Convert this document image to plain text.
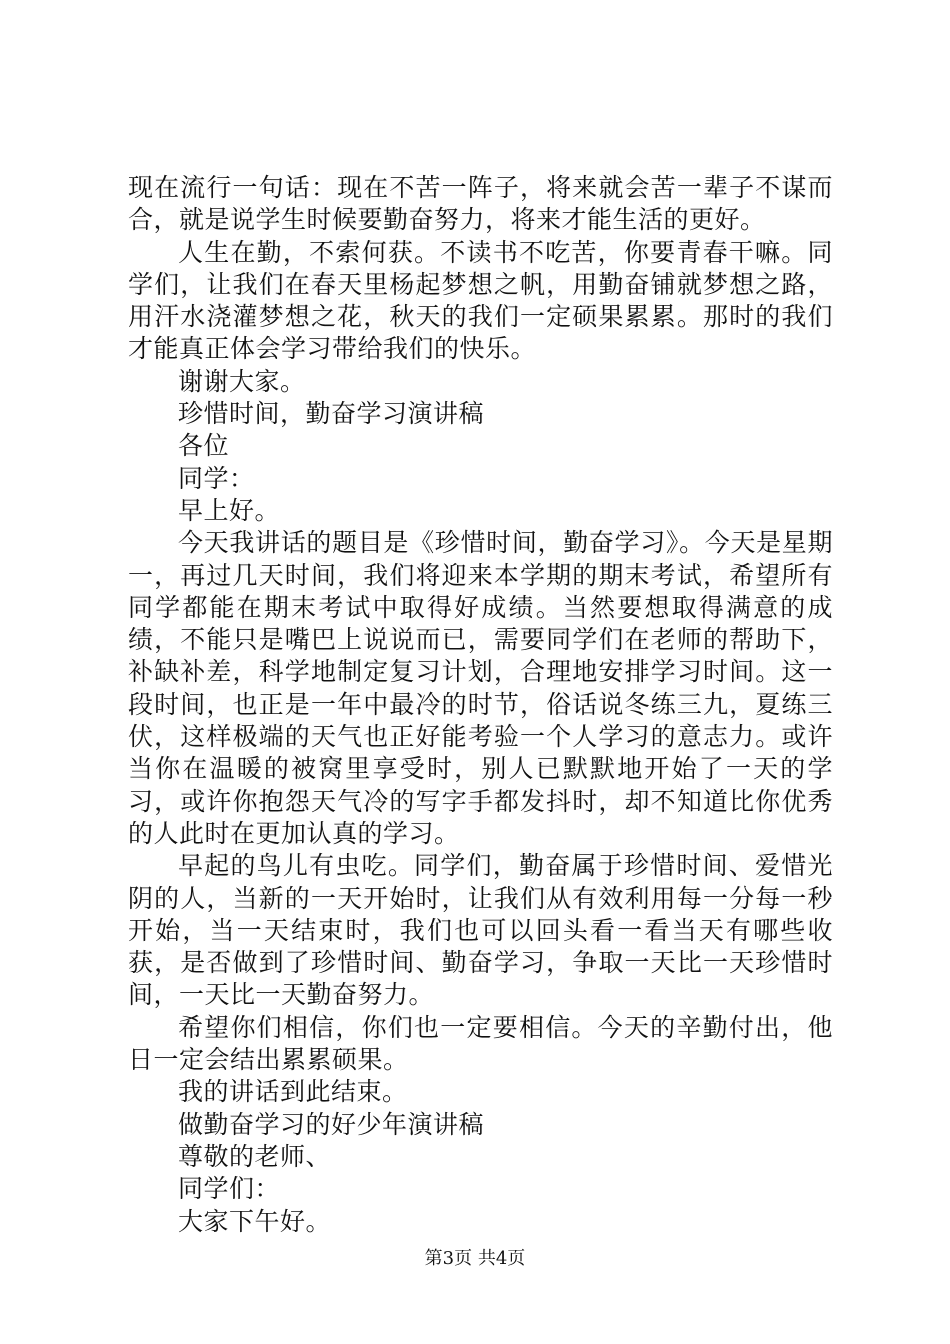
现在流行一句话：现在不苦一阵子，将来就会苦一辈子不谋而合，就是说学生时候要勤奋努力，将来才能生活的更好。

人生在勤，不索何获。不读书不吃苦，你要青春干嘛。同学们，让我们在春天里杨起梦想之帆，用勤奋铺就梦想之路，用汗水浇灌梦想之花，秋天的我们一定硕果累累。那时的我们才能真正体会学习带给我们的快乐。

谢谢大家。

珍惜时间，勤奋学习演讲稿

各位

同学：

早上好。

今天我讲话的题目是《珍惜时间，勤奋学习》。今天是星期一，再过几天时间，我们将迎来本学期的期末考试，希望所有同学都能在期末考试中取得好成绩。当然要想取得满意的成绩，不能只是嘴巴上说说而已，需要同学们在老师的帮助下，补缺补差，科学地制定复习计划，合理地安排学习时间。这一段时间，也正是一年中最冷的时节，俗话说冬练三九，夏练三伏，这样极端的天气也正好能考验一个人学习的意志力。或许当你在温暖的被窝里享受时，别人已默默地开始了一天的学习，或许你抱怨天气冷的写字手都发抖时，却不知道比你优秀的人此时在更加认真的学习。

早起的鸟儿有虫吃。同学们，勤奋属于珍惜时间、爱惜光阴的人，当新的一天开始时，让我们从有效利用每一分每一秒开始，当一天结束时，我们也可以回头看一看当天有哪些收获，是否做到了珍惜时间、勤奋学习，争取一天比一天珍惜时间，一天比一天勤奋努力。

希望你们相信，你们也一定要相信。今天的辛勤付出，他日一定会结出累累硕果。

我的讲话到此结束。

做勤奋学习的好少年演讲稿

尊敬的老师、

同学们：

大家下午好。

第3页 共4页
